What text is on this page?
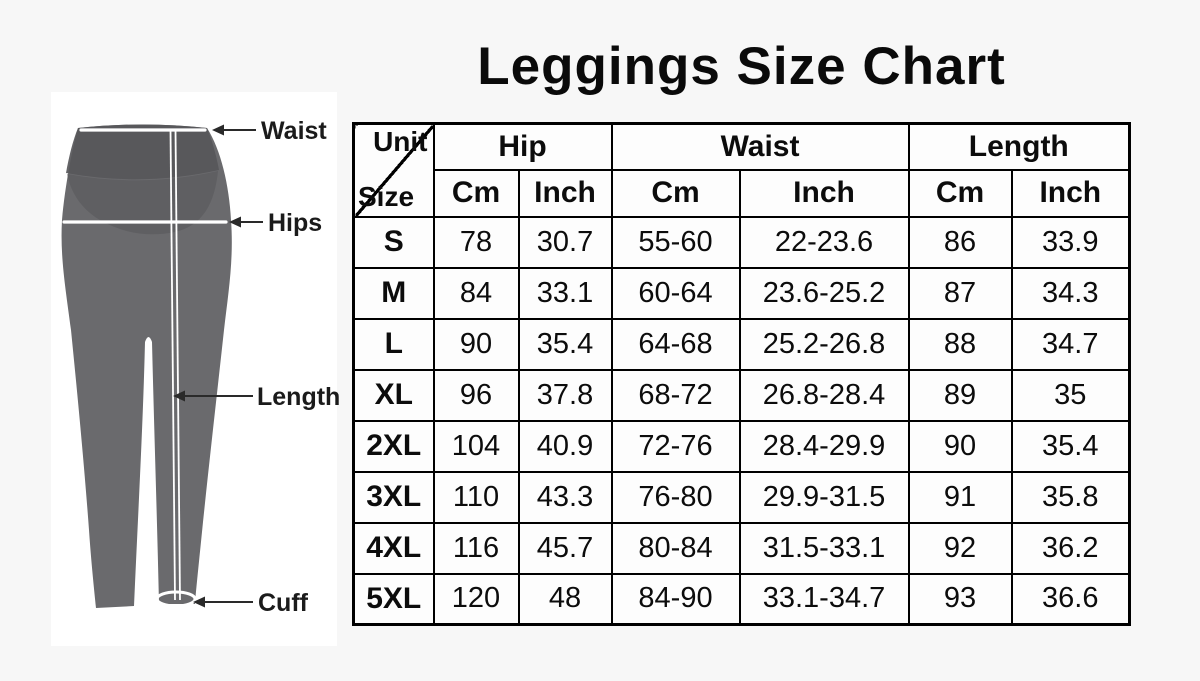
Leggings Size Chart
Waist
Hips
Length
Cuff
Unit
Size	Hip		Waist		Length	
	Cm	Inch	Cm	Inch	Cm	Inch
S	78	30.7	55-60	22-23.6	86	33.9
M	84	33.1	60-64	23.6-25.2	87	34.3
L	90	35.4	64-68	25.2-26.8	88	34.7
XL	96	37.8	68-72	26.8-28.4	89	35
2XL	104	40.9	72-76	28.4-29.9	90	35.4
3XL	110	43.3	76-80	29.9-31.5	91	35.8
4XL	116	45.7	80-84	31.5-33.1	92	36.2
5XL	120	48	84-90	33.1-34.7	93	36.6
